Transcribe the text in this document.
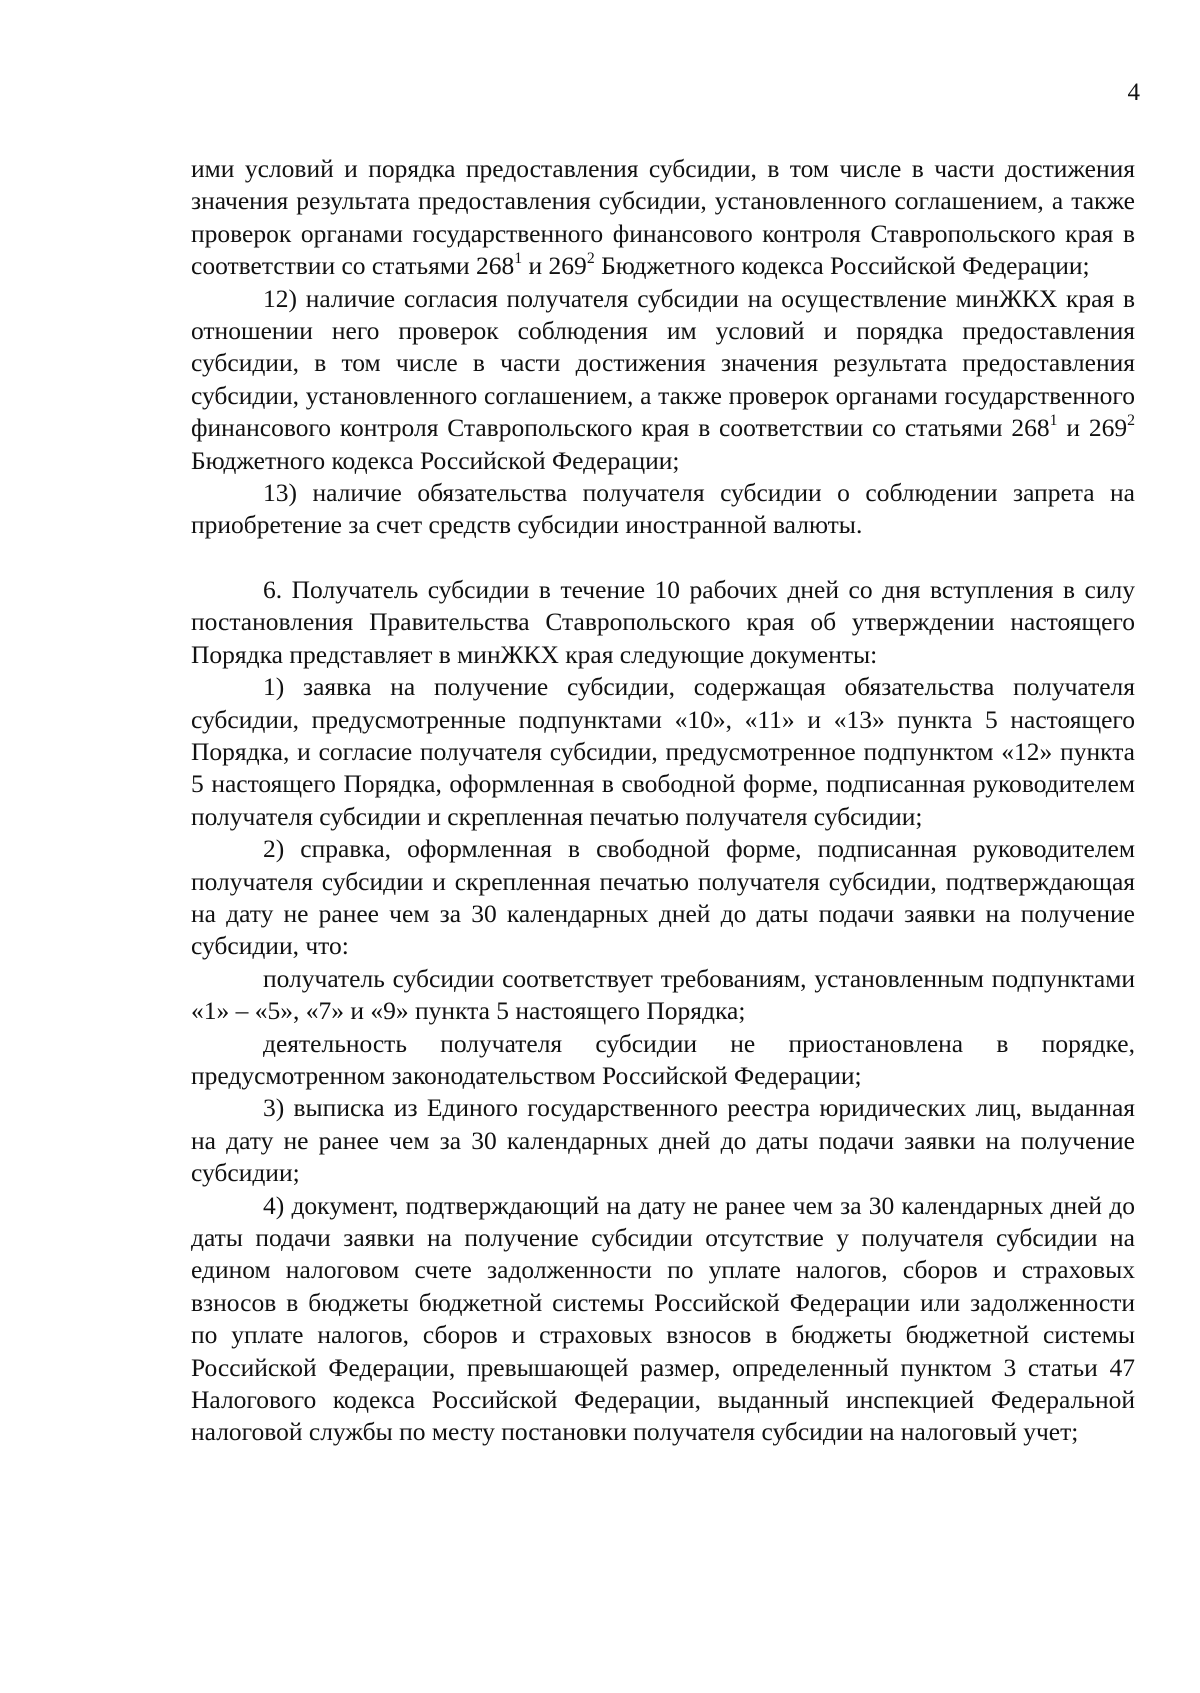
4

ими условий и порядка предоставления субсидии, в том числе в части достижения значения результата предоставления субсидии, установленного соглашением, а также проверок органами государственного финансового контроля Ставропольского края в соответствии со статьями $268^1$ и $269^2$ Бюджетного кодекса Российской Федерации;

12) наличие согласия получателя субсидии на осуществление минЖКХ края в отношении него проверок соблюдения им условий и порядка предоставления субсидии, в том числе в части достижения значения результата предоставления субсидии, установленного соглашением, а также проверок органами государственного финансового контроля Ставропольского края в соответствии со статьями $268^1$ и $269^2$ Бюджетного кодекса Российской Федерации;

13) наличие обязательства получателя субсидии о соблюдении запрета на приобретение за счет средств субсидии иностранной валюты.

6. Получатель субсидии в течение 10 рабочих дней со дня вступления в силу постановления Правительства Ставропольского края об утверждении настоящего Порядка представляет в минЖКХ края следующие документы:

1) заявка на получение субсидии, содержащая обязательства получателя субсидии, предусмотренные подпунктами «10», «11» и «13» пункта 5 настоящего Порядка, и согласие получателя субсидии, предусмотренное подпунктом «12» пункта 5 настоящего Порядка, оформленная в свободной форме, подписанная руководителем получателя субсидии и скрепленная печатью получателя субсидии;

2) справка, оформленная в свободной форме, подписанная руководителем получателя субсидии и скрепленная печатью получателя субсидии, подтверждающая на дату не ранее чем за 30 календарных дней до даты подачи заявки на получение субсидии, что:

получатель субсидии соответствует требованиям, установленным подпунктами «1» – «5», «7» и «9» пункта 5 настоящего Порядка;

деятельность получателя субсидии не приостановлена в порядке, предусмотренном законодательством Российской Федерации;

3) выписка из Единого государственного реестра юридических лиц, выданная на дату не ранее чем за 30 календарных дней до даты подачи заявки на получение субсидии;

4) документ, подтверждающий на дату не ранее чем за 30 календарных дней до даты подачи заявки на получение субсидии отсутствие у получателя субсидии на едином налоговом счете задолженности по уплате налогов, сборов и страховых взносов в бюджеты бюджетной системы Российской Федерации или задолженности по уплате налогов, сборов и страховых взносов в бюджеты бюджетной системы Российской Федерации, превышающей размер, определенный пунктом 3 статьи 47 Налогового кодекса Российской Федерации, выданный инспекцией Федеральной налоговой службы по месту постановки получателя субсидии на налоговый учет;
